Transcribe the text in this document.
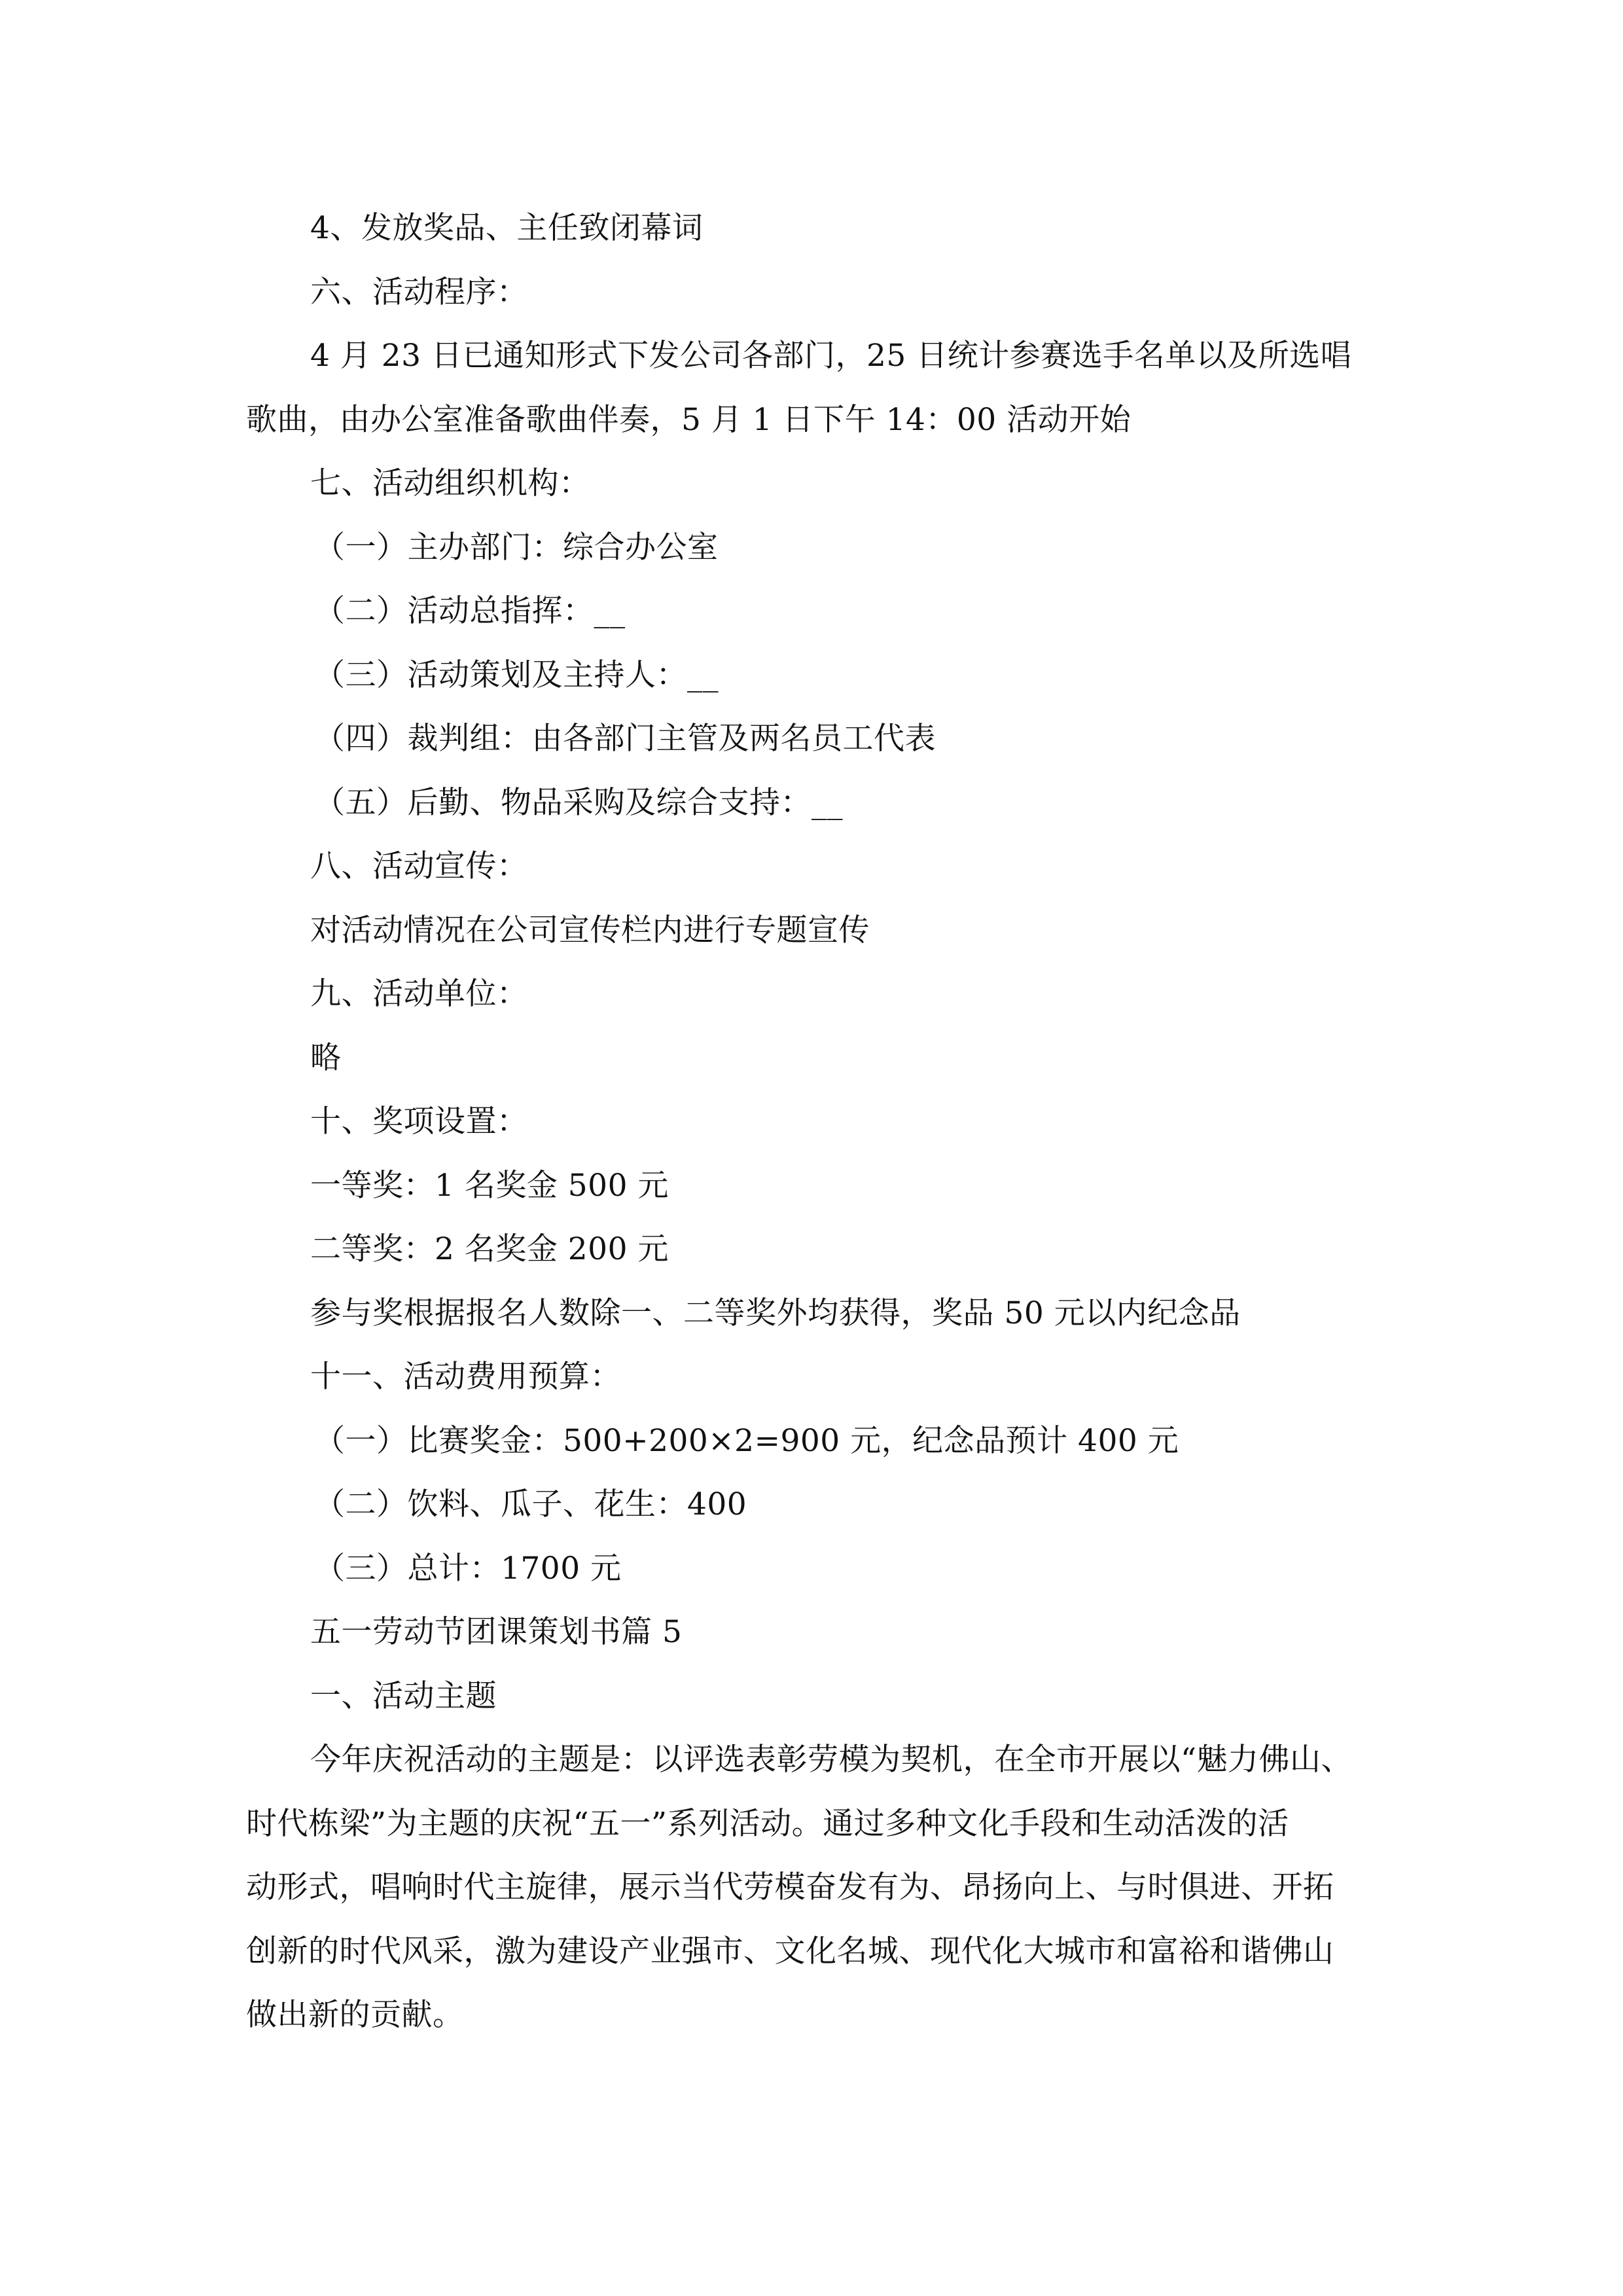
4、发放奖品、主任致闭幕词
六、活动程序：
4 月 23 日已通知形式下发公司各部门，25 日统计参赛选手名单以及所选唱
歌曲，由办公室准备歌曲伴奏，5 月 1 日下午 14：00 活动开始
七、活动组织机构：
（一）主办部门：综合办公室
（二）活动总指挥：__
（三）活动策划及主持人：__
（四）裁判组：由各部门主管及两名员工代表
（五）后勤、物品采购及综合支持：__
八、活动宣传：
对活动情况在公司宣传栏内进行专题宣传
九、活动单位：
略
十、奖项设置：
一等奖：1 名奖金 500 元
二等奖：2 名奖金 200 元
参与奖根据报名人数除一、二等奖外均获得，奖品 50 元以内纪念品
十一、活动费用预算：
（一）比赛奖金：500+200×2=900 元，纪念品预计 400 元
（二）饮料、瓜子、花生：400
（三）总计：1700 元
五一劳动节团课策划书篇 5
一、活动主题
今年庆祝活动的主题是：以评选表彰劳模为契机，在全市开展以“魅力佛山、
时代栋梁”为主题的庆祝“五一”系列活动。通过多种文化手段和生动活泼的活
动形式，唱响时代主旋律，展示当代劳模奋发有为、昂扬向上、与时俱进、开拓
创新的时代风采，激为建设产业强市、文化名城、现代化大城市和富裕和谐佛山
做出新的贡献。
